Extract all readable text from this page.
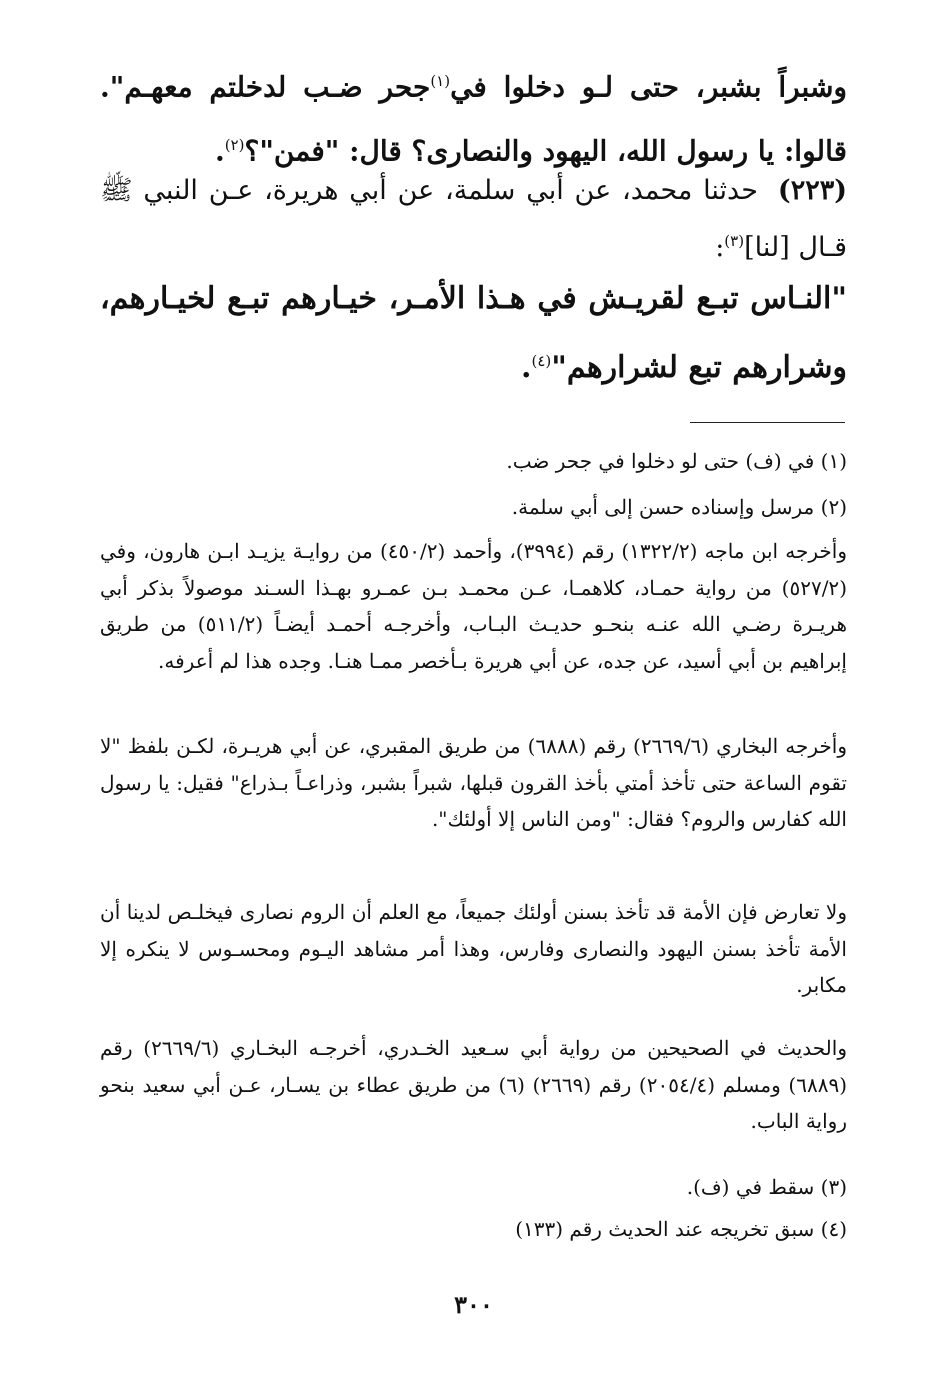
وشبراً بشبر، حتى لـو دخلوا في$^{(١)}$جحر ضـب لدخلتم معهـم". قالوا: يا رسول الله، اليهود والنصارى؟ قال: "فمن"؟$^{(٢)}$.
(٢٢٣)حدثنا محمد، عن أبي سلمة، عن أبي هريرة، عـن النبي ﷺ قـال [لنا]$^{(٣)}$:
"النـاس تبـع لقريـش في هـذا الأمـر، خيـارهم تبـع لخيـارهم، وشرارهم تبع لشرارهم"$^{(٤)}$.
(١) في (ف) حتى لو دخلوا في جحر ضب.
(٢) مرسل وإسناده حسن إلى أبي سلمة.
وأخرجه ابن ماجه (١٣٢٢/٢) رقم (٣٩٩٤)، وأحمد (٤٥٠/٢) من روايـة يزيـد ابـن هارون، وفي (٥٢٧/٢) من رواية حمـاد، كلاهمـا، عـن محمـد بـن عمـرو بهـذا السـند موصولاً بذكر أبي هريـرة رضـي الله عنـه بنحـو حديـث البـاب، وأخرجـه أحمـد أيضـاً (٥١١/٢) من طريق إبراهيم بن أبي أسيد، عن جده، عن أبي هريرة بـأخصر ممـا هنـا. وجده هذا لم أعرفه.
وأخرجه البخاري (٢٦٦٩/٦) رقم (٦٨٨٨) من طريق المقبري، عن أبي هريـرة، لكـن بلفظ "لا تقوم الساعة حتى تأخذ أمتي بأخذ القرون قبلها، شبراً بشبر، وذراعـاً بـذراع" فقيل: يا رسول الله كفارس والروم؟ فقال: "ومن الناس إلا أولئك".
ولا تعارض فإن الأمة قد تأخذ بسنن أولئك جميعاً، مع العلم أن الروم نصارى فيخلـص لدينا أن الأمة تأخذ بسنن اليهود والنصارى وفارس، وهذا أمر مشاهد اليـوم ومحسـوس لا ينكره إلا مكابر.
والحديث في الصحيحين من رواية أبي سـعيد الخـدري، أخرجـه البخـاري (٢٦٦٩/٦) رقم (٦٨٨٩) ومسلم (٢٠٥٤/٤) رقم (٢٦٦٩) (٦) من طريق عطاء بن يسـار، عـن أبي سعيد بنحو رواية الباب.
(٣) سقط في (ف).
(٤) سبق تخريجه عند الحديث رقم (١٣٣)
٣٠٠
